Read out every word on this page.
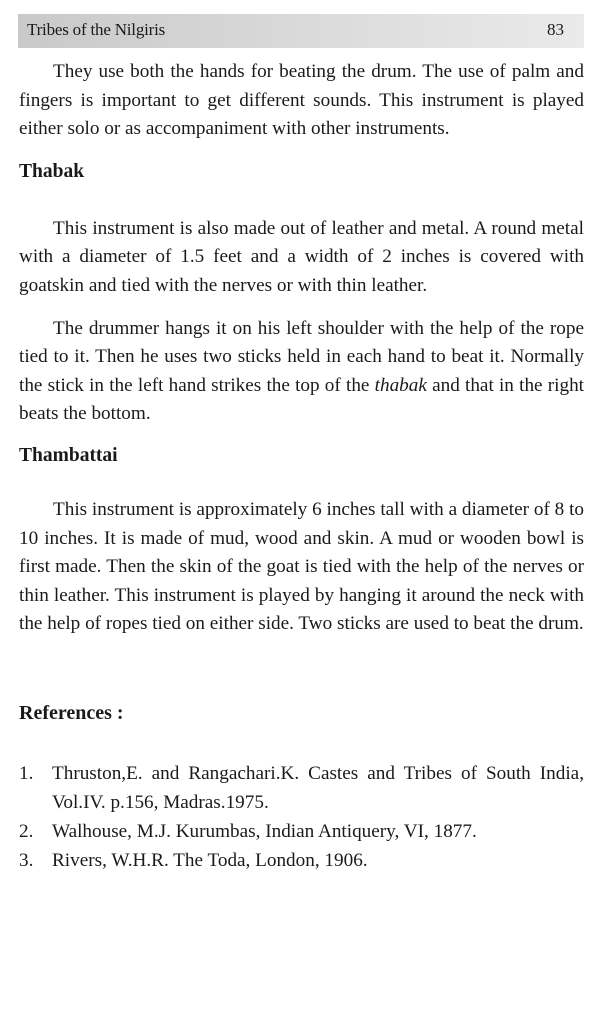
Tribes of the Nilgiris	83

They use both the hands for beating the drum. The use of palm and fingers is important to get different sounds. This instrument is played either solo or as accompaniment with other instruments.

Thabak

This instrument is also made out of leather and metal. A round metal with a diameter of 1.5 feet and a width of 2 inches is covered with goatskin and tied with the nerves or with thin leather.

The drummer hangs it on his left shoulder with the help of the rope tied to it. Then he uses two sticks held in each hand to beat it. Normally the stick in the left hand strikes the top of the thabak and that in the right beats the bottom.

Thambattai

This instrument is approximately 6 inches tall with a diameter of 8 to 10 inches. It is made of mud, wood and skin. A mud or wooden bowl is first made. Then the skin of the goat is tied with the help of the nerves or thin leather. This instrument is played by hanging it around the neck with the help of ropes tied on either side. Two sticks are used to beat the drum.

References :
1. Thruston,E. and Rangachari.K. Castes and Tribes of South India, Vol.IV. p.156, Madras.1975.
2. Walhouse, M.J. Kurumbas, Indian Antiquery, VI, 1877.
3. Rivers, W.H.R. The Toda, London, 1906.
